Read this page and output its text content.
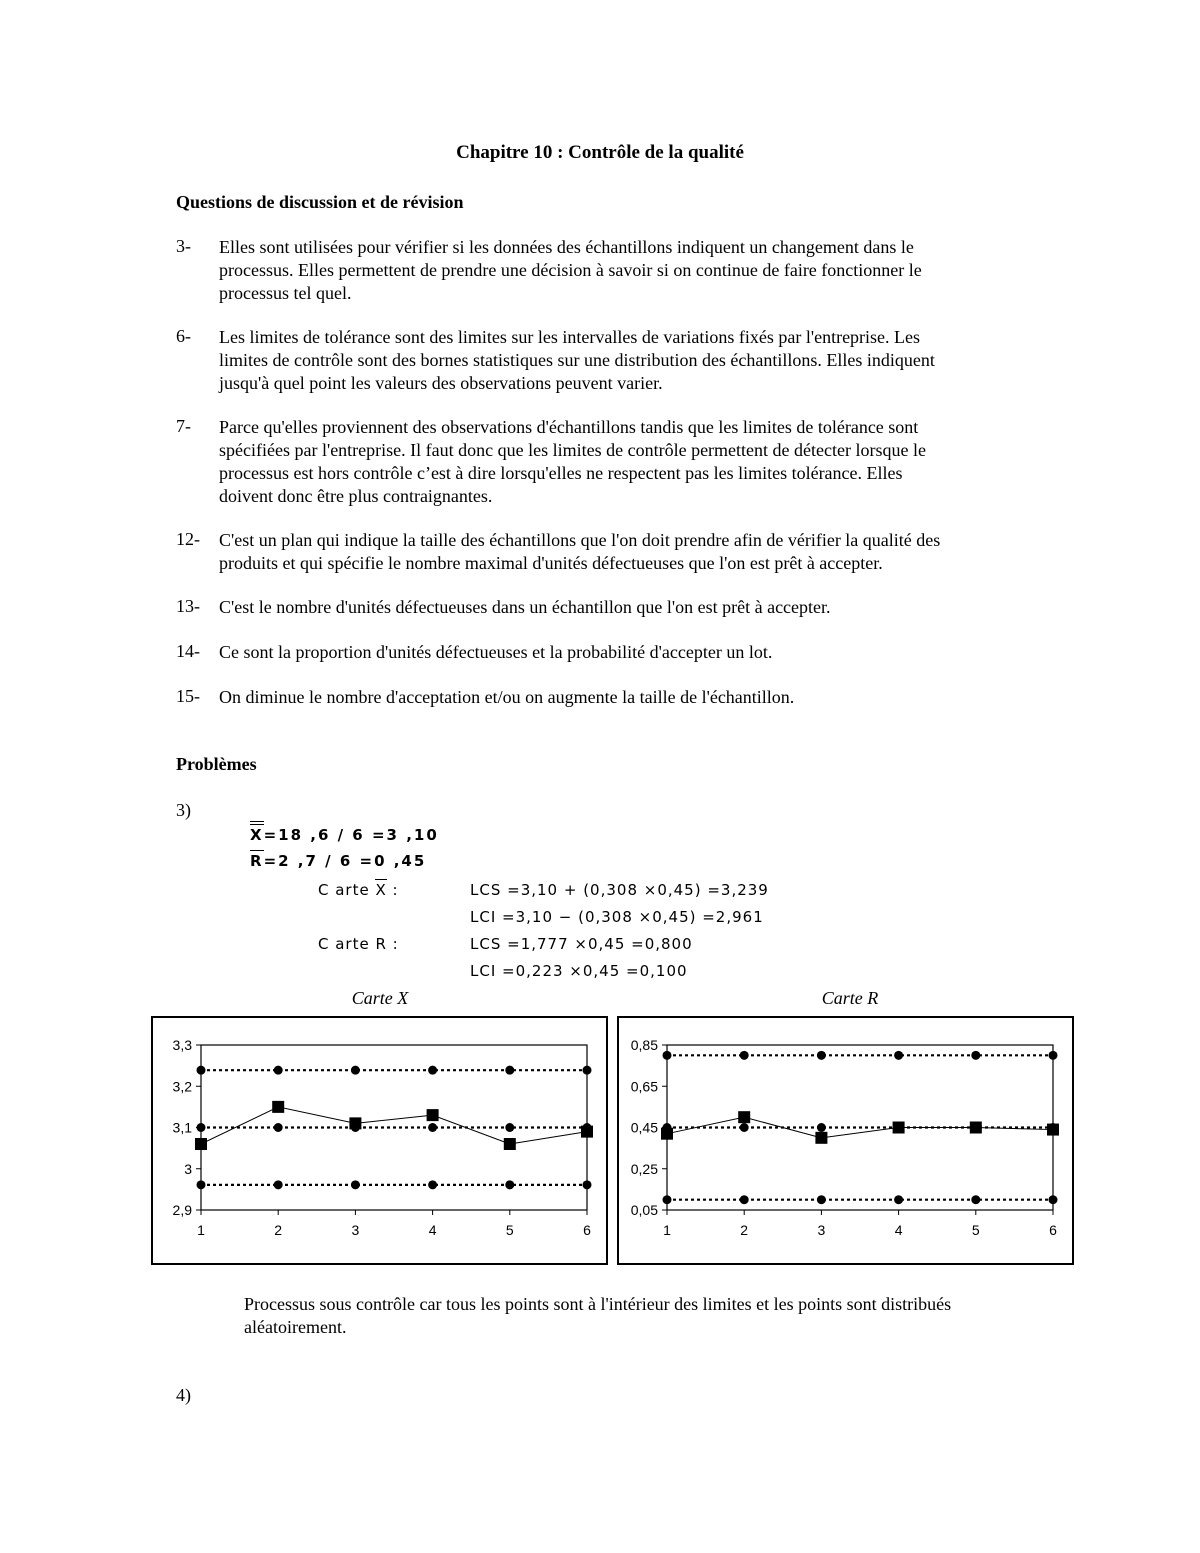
Chapitre 10 : Contrôle de la qualité
Questions de discussion et de révision
3- Elles sont utilisées pour vérifier si les données des échantillons indiquent un changement dans le
processus. Elles permettent de prendre une décision à savoir si on continue de faire fonctionner le
processus tel quel.
6- Les limites de tolérance sont des limites sur les intervalles de variations fixés par l'entreprise. Les
limites de contrôle sont des bornes statistiques sur une distribution des échantillons. Elles indiquent
jusqu'à quel point les valeurs des observations peuvent varier.
7- Parce qu'elles proviennent des observations d'échantillons tandis que les limites de tolérance sont
spécifiées par l'entreprise. Il faut donc que les limites de contrôle permettent de détecter lorsque le
processus est hors contrôle c’est à dire lorsqu'elles ne respectent pas les limites tolérance. Elles
doivent donc être plus contraignantes.
12- C'est un plan qui indique la taille des échantillons que l'on doit prendre afin de vérifier la qualité des
produits et qui spécifie le nombre maximal d'unités défectueuses que l'on est prêt à accepter.
13- C'est le nombre d'unités défectueuses dans un échantillon que l'on est prêt à accepter.
14- Ce sont la proportion d'unités défectueuses et la probabilité d'accepter un lot.
15- On diminue le nombre d'acceptation et/ou on augmente la taille de l'échantillon.
Problèmes
3)
X=18 ,6 / 6 =3 ,10
R=2 ,7 / 6 =0 ,45
C arte X :	LCS =3,10 + (0,308 ×0,45) =3,239
LCI =3,10 − (0,308 ×0,45) =2,961
C arte R :	LCS =1,777 ×0,45 =0,800
LCI =0,223 ×0,45 =0,100
Carte X	Carte R
2,9
3
3,1
3,2
3,3
1	2	3	4	5	6
0,05
0,25
0,45
0,65
0,85
1	2	3	4	5	6
Processus sous contrôle car tous les points sont à l'intérieur des limites et les points sont distribués
aléatoirement.
4)
